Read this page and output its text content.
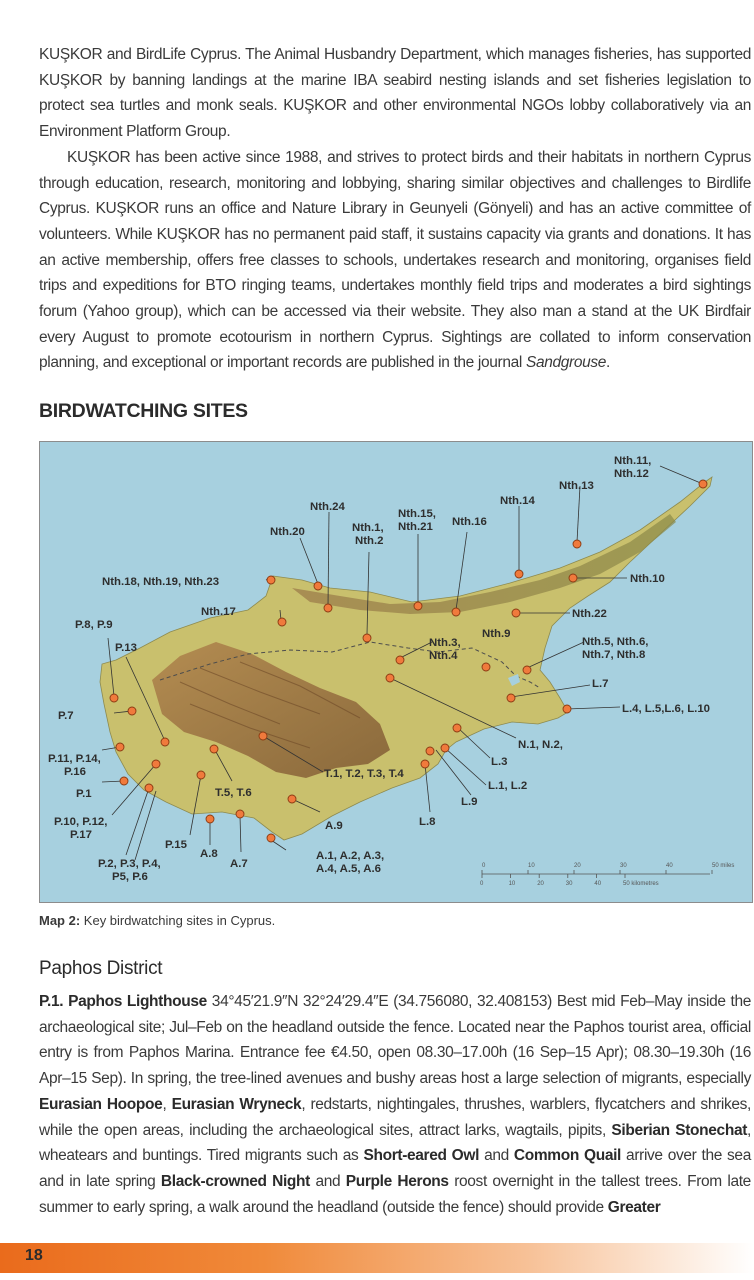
KUŞKOR and BirdLife Cyprus. The Animal Husbandry Department, which manages fisheries, has supported KUŞKOR by banning landings at the marine IBA seabird nesting islands and set fisheries legislation to protect sea turtles and monk seals. KUŞKOR and other environmental NGOs lobby collaboratively via an Environment Platform Group.

KUŞKOR has been active since 1988, and strives to protect birds and their habitats in northern Cyprus through education, research, monitoring and lobbying, sharing similar objectives and challenges to Birdlife Cyprus. KUŞKOR runs an office and Nature Library in Geunyeli (Gönyeli) and has an active committee of volunteers. While KUŞKOR has no permanent paid staff, it sustains capacity via grants and donations. It has an active membership, offers free classes to schools, undertakes research and monitoring, organises field trips and expeditions for BTO ringing teams, undertakes monthly field trips and moderates a bird sightings forum (Yahoo group), which can be accessed via their website. They also man a stand at the UK Birdfair every August to promote ecotourism in northern Cyprus. Sightings are collated to inform conservation planning, and exceptional or important records are published in the journal Sandgrouse.

BIRDWATCHING SITES
Nth.11,
Nth.12
Nth.13
Nth.14
Nth.15,
Nth.21 Nth.16
Nth.24
Nth.1,
Nth.2
Nth.20
Nth.18, Nth.19, Nth.23	Nth.10
Nth.22
Nth.17
Nth.5, Nth.6,
Nth.7, Nth.8
Nth.3,
Nth.4
Nth.9
P.8, P.9
P.13
P.7
L.7
L.4, L.5,L.6, L.10
N.1, N.2,
P.11, P.14,
P.16
L.3
T.1, T.2, T.3, T.4
L.1, L.2
P.1	T.5, T.6
L.9
P.10, P.12,
P.17
A.9	L.8
P.15
A.8
A.7
A.1, A.2, A.3,
A.4, A.5, A.6
P.2, P.3, P.4,
P5, P.6
0	10	20	30	40	50 miles
0	10	20	30	40	50 kilometres
Map 2: Key birdwatching sites in Cyprus.
Paphos District

P.1. Paphos Lighthouse 34°45′21.9″N 32°24′29.4″E (34.756080, 32.408153) Best mid Feb–May inside the archaeological site; Jul–Feb on the headland outside the fence. Located near the Paphos tourist area, official entry is from Paphos Marina. Entrance fee €4.50, open 08.30–17.00h (16 Sep–15 Apr); 08.30–19.30h (16 Apr–15 Sep). In spring, the tree-lined avenues and bushy areas host a large selection of migrants, especially Eurasian Hoopoe, Eurasian Wryneck, redstarts, nightingales, thrushes, warblers, flycatchers and shrikes, while the open areas, including the archaeological sites, attract larks, wagtails, pipits, Siberian Stonechat, wheatears and buntings. Tired migrants such as Short-eared Owl and Common Quail arrive over the sea and in late spring Black-crowned Night and Purple Herons roost overnight in the tallest trees. From late summer to early spring, a walk around the headland (outside the fence) should provide Greater

18
